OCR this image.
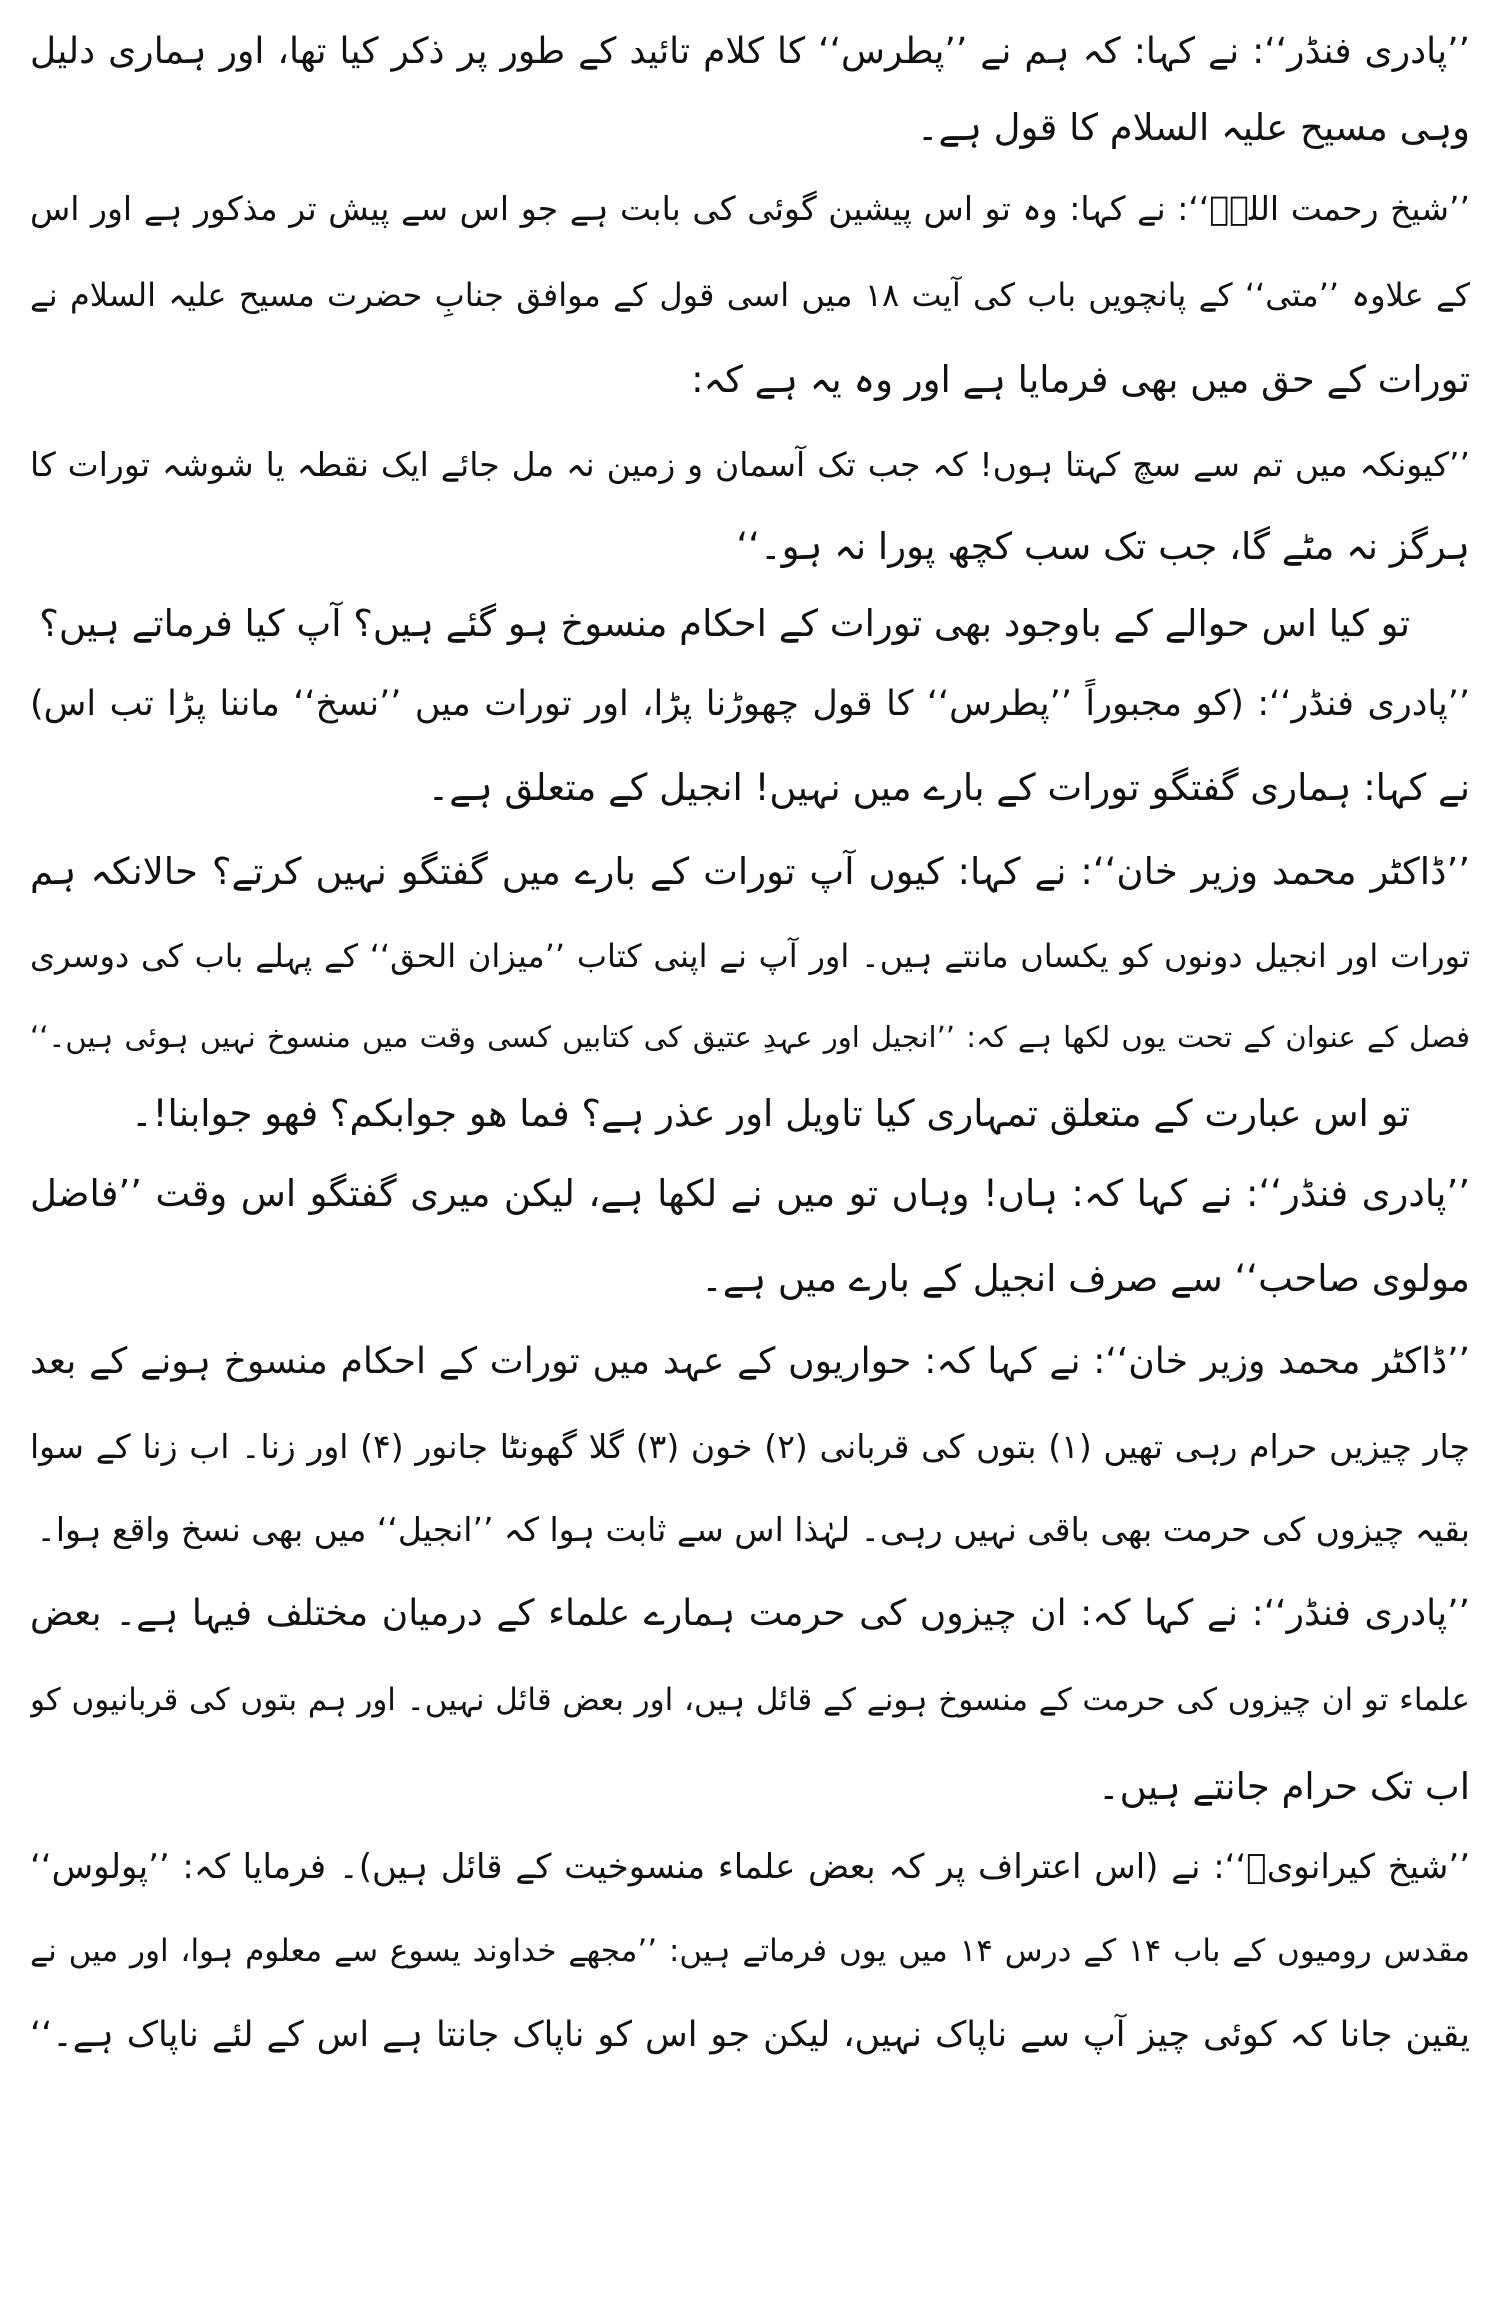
’’پادری فنڈر‘‘: نے کہا: کہ ہم نے ’’پطرس‘‘ کا کلام تائید کے طور پر ذکر کیا تھا، اور ہماری دلیل
وہی مسیح علیہ السلام کا قول ہے۔
’’شیخ رحمت اللہؒ‘‘: نے کہا: وہ تو اس پیشین گوئی کی بابت ہے جو اس سے پیش تر مذکور ہے اور اس
کے علاوہ ’’متی‘‘ کے پانچویں باب کی آیت ۱۸ میں اسی قول کے موافق جنابِ حضرت مسیح علیہ السلام نے
تورات کے حق میں بھی فرمایا ہے اور وہ یہ ہے کہ:
’’کیونکہ میں تم سے سچ کہتا ہوں! کہ جب تک آسمان و زمین نہ مل جائے ایک نقطہ یا شوشہ تورات کا
ہرگز نہ مٹے گا، جب تک سب کچھ پورا نہ ہو۔‘‘
تو کیا اس حوالے کے باوجود بھی تورات کے احکام منسوخ ہو گئے ہیں؟ آپ کیا فرماتے ہیں؟
’’پادری فنڈر‘‘: (کو مجبوراً ’’پطرس‘‘ کا قول چھوڑنا پڑا، اور تورات میں ’’نسخ‘‘ ماننا پڑا تب اس)
نے کہا: ہماری گفتگو تورات کے بارے میں نہیں! انجیل کے متعلق ہے۔
’’ڈاکٹر محمد وزیر خان‘‘: نے کہا: کیوں آپ تورات کے بارے میں گفتگو نہیں کرتے؟ حالانکہ ہم
تورات اور انجیل دونوں کو یکساں مانتے ہیں۔ اور آپ نے اپنی کتاب ’’میزان الحق‘‘ کے پہلے باب کی دوسری
فصل کے عنوان کے تحت یوں لکھا ہے کہ: ’’انجیل اور عہدِ عتیق کی کتابیں کسی وقت میں منسوخ نہیں ہوئی ہیں۔‘‘
تو اس عبارت کے متعلق تمہاری کیا تاویل اور عذر ہے؟ فما ھو جوابکم؟ فھو جوابنا!۔
’’پادری فنڈر‘‘: نے کہا کہ: ہاں! وہاں تو میں نے لکھا ہے، لیکن میری گفتگو اس وقت ’’فاضل
مولوی صاحب‘‘ سے صرف انجیل کے بارے میں ہے۔
’’ڈاکٹر محمد وزیر خان‘‘: نے کہا کہ: حواریوں کے عہد میں تورات کے احکام منسوخ ہونے کے بعد
چار چیزیں حرام رہی تھیں (۱) بتوں کی قربانی (۲) خون (۳) گلا گھونٹا جانور (۴) اور زنا۔ اب زنا کے سوا
بقیہ چیزوں کی حرمت بھی باقی نہیں رہی۔ لہٰذا اس سے ثابت ہوا کہ ’’انجیل‘‘ میں بھی نسخ واقع ہوا۔
’’پادری فنڈر‘‘: نے کہا کہ: ان چیزوں کی حرمت ہمارے علماء کے درمیان مختلف فیہا ہے۔ بعض
علماء تو ان چیزوں کی حرمت کے منسوخ ہونے کے قائل ہیں، اور بعض قائل نہیں۔ اور ہم بتوں کی قربانیوں کو
اب تک حرام جانتے ہیں۔
’’شیخ کیرانویؒ‘‘: نے (اس اعتراف پر کہ بعض علماء منسوخیت کے قائل ہیں)۔ فرمایا کہ: ’’پولوس‘‘
مقدس رومیوں کے باب ۱۴ کے درس ۱۴ میں یوں فرماتے ہیں: ’’مجھے خداوند یسوع سے معلوم ہوا، اور میں نے
یقین جانا کہ کوئی چیز آپ سے ناپاک نہیں، لیکن جو اس کو ناپاک جانتا ہے اس کے لئے ناپاک ہے۔‘‘
